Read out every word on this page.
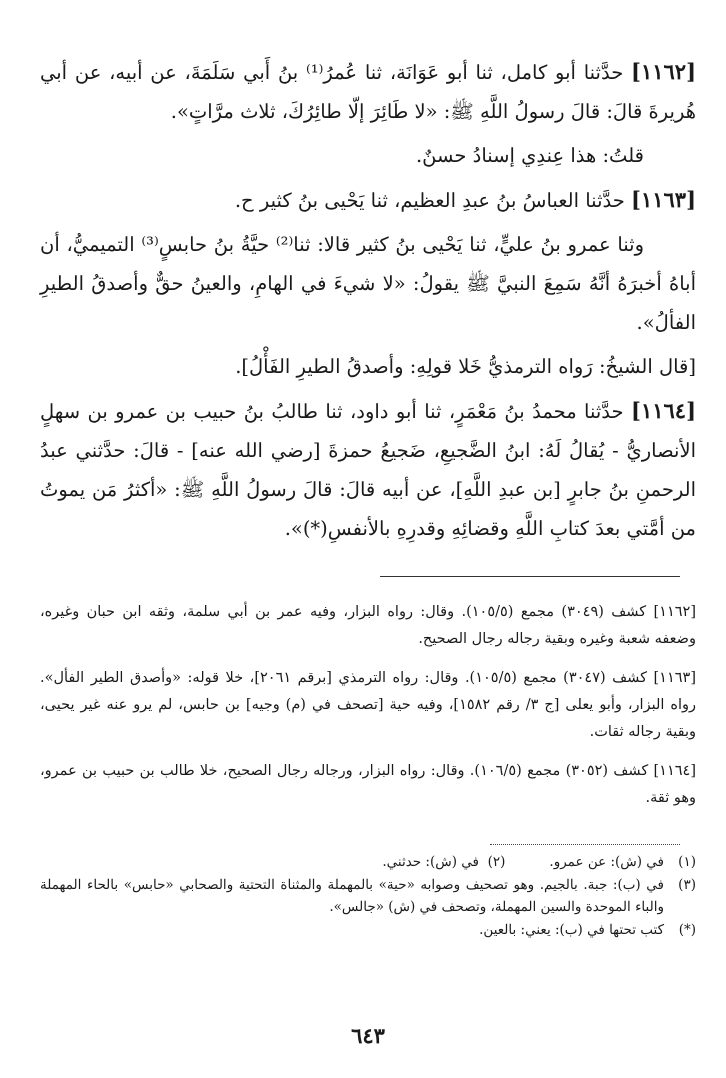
[١١٦٢] حدَّثنا أبو كامل، ثنا أبو عَوَانَة، ثنا عُمرُ⁽¹⁾ بنُ أَبي سَلَمَةَ، عن أبيه، عن أبي هُريرةَ قالَ: قالَ رسولُ اللَّهِ ﷺ: «لا طَائِرَ إلّا طائِرُكَ، ثلاث مرَّاتٍ».

قلتُ: هذا عِندِي إسنادُ حسنٌ.

[١١٦٣] حدَّثنا العباسُ بنُ عبدِ العظيم، ثنا يَحْيى بنُ كثير ح.

وثنا عمرو بنُ عليٍّ، ثنا يَحْيى بنُ كثير قالا: ثنا⁽²⁾ حيَّةُ بنُ حابسٍ⁽³⁾ التميميُّ، أن أباهُ أخبرَهُ أنَّهُ سَمِعَ النبيَّ ﷺ يقولُ: «لا شيءَ في الهامِ، والعينُ حقٌّ وأصدقُ الطيرِ الفألُ».

[قال الشيخُ: رَواه الترمذيُّ خَلا قولِهِ: وأصدقُ الطيرِ الفَأْلُ].

[١١٦٤] حدَّثنا محمدُ بنُ مَعْمَرٍ، ثنا أبو داود، ثنا طالبُ بنُ حبيب بن عمرو بن سهلٍ الأنصاريُّ - يُقالُ لَهُ: ابنُ الضَّجيعِ، ضَجيعُ حمزةَ [رضي الله عنه] - قالَ: حدَّثني عبدُ الرحمنِ بنُ جابرٍ [بن عبدِ اللَّهِ]، عن أبيه قالَ: قالَ رسولُ اللَّهِ ﷺ: «أكثرُ مَن يموتُ من أمَّتي بعدَ كتابِ اللَّهِ وقضائِهِ وقدرِهِ بالأنفسِ(*)».

[١١٦٢] كشف (٣٠٤٩) مجمع (١٠٥/٥). وقال: رواه البزار، وفيه عمر بن أبي سلمة، وثقه ابن حبان وغيره، وضعفه شعبة وغيره وبقية رجاله رجال الصحيح.

[١١٦٣] كشف (٣٠٤٧) مجمع (١٠٥/٥). وقال: رواه الترمذي [برقم ٢٠٦١]، خلا قوله: «وأصدق الطير الفأل». رواه البزار، وأبو يعلى [ج ٣/ رقم ١٥٨٢]، وفيه حية [تصحف في (م) وجيه] بن حابس، لم يرو عنه غير يحيى، وبقية رجاله ثقات.

[١١٦٤] كشف (٣٠٥٢) مجمع (١٠٦/٥). وقال: رواه البزار، ورجاله رجال الصحيح، خلا طالب بن حبيب بن عمرو، وهو ثقة.

(١)
في (ش): عن عمرو.(٢)  في (ش): حدثني.

(٣)
في (ب): جبة. بالجيم. وهو تصحيف وصوابه «حية» بالمهملة والمثناة التحتية والصحابي «حابس» بالحاء المهملة والباء الموحدة والسين المهملة، وتصحف في (ش) «جالس».

(*)
كتب تحتها في (ب): يعني: بالعين.

٦٤٣
